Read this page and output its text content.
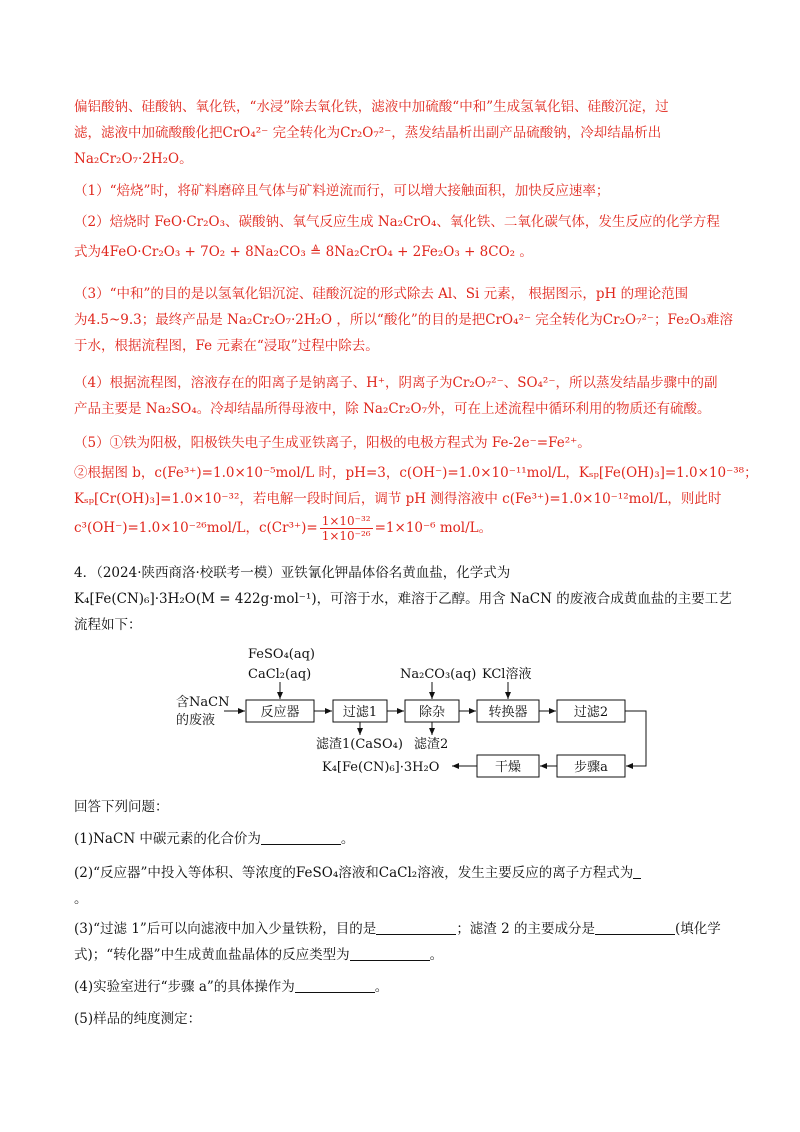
偏铝酸钠、硅酸钠、氧化铁，“水浸”除去氧化铁，滤液中加硫酸“中和”生成氢氧化铝、硅酸沉淀，过
滤，滤液中加硫酸酸化把CrO₄²⁻ 完全转化为Cr₂O₇²⁻，蒸发结晶析出副产品硫酸钠，冷却结晶析出
Na₂Cr₂O₇·2H₂O。
（1）“焙烧”时，将矿料磨碎且气体与矿料逆流而行，可以增大接触面积，加快反应速率；
（2）焙烧时 FeO·Cr₂O₃、碳酸钠、氧气反应生成 Na₂CrO₄、氧化铁、二氧化碳气体，发生反应的化学方程
式为4FeO·Cr₂O₃ + 7O₂ + 8Na₂CO₃ ≜ 8Na₂CrO₄ + 2Fe₂O₃ + 8CO₂ 。
（3）“中和”的目的是以氢氧化铝沉淀、硅酸沉淀的形式除去 Al、Si 元素， 根据图示，pH 的理论范围
为4.5~9.3；最终产品是 Na₂Cr₂O₇·2H₂O ，所以“酸化”的目的是把CrO₄²⁻ 完全转化为Cr₂O₇²⁻；Fe₂O₃难溶
于水，根据流程图，Fe 元素在“浸取”过程中除去。
（4）根据流程图，溶液存在的阳离子是钠离子、H⁺，阴离子为Cr₂O₇²⁻、SO₄²⁻，所以蒸发结晶步骤中的副
产品主要是 Na₂SO₄。冷却结晶所得母液中，除 Na₂Cr₂O₇外，可在上述流程中循环利用的物质还有硫酸。
（5）①铁为阳极，阳极铁失电子生成亚铁离子，阳极的电极方程式为 Fe-2e⁻=Fe²⁺。
②根据图 b，c(Fe³⁺)=1.0×10⁻⁵mol/L 时，pH=3，c(OH⁻)=1.0×10⁻¹¹mol/L，Kₛₚ[Fe(OH)₃]=1.0×10⁻³⁸；
Kₛₚ[Cr(OH)₃]=1.0×10⁻³²，若电解一段时间后，调节 pH 测得溶液中 c(Fe³⁺)=1.0×10⁻¹²mol/L，则此时
c³(OH⁻)=1.0×10⁻²⁶mol/L，$c(Cr^{3+})= \frac{\text{1×10⁻³²}}{\text{1×10⁻²⁶}} =1\times 10^{-6}$ mol/L。
4．（2024·陕西商洛·校联考一模）亚铁氰化钾晶体俗名黄血盐，化学式为
K₄[Fe(CN)₆]·3H₂O(M = 422g·mol⁻¹)，可溶于水，难溶于乙醇。用含 NaCN 的废液合成黄血盐的主要工艺
流程如下：
FeSO₄(aq)
CaCl₂(aq)	Na₂CO₃(aq) KCl溶液
含NaCN
的废液
反应器	过滤1	除杂	转换器	过滤2
步骤a
干燥
滤渣1(CaSO₄) 滤渣2
K₄[Fe(CN)₆]·3H₂O
回答下列问题：
(1)NaCN 中碳元素的化合价为	。
(2)“反应器”中投入等体积、等浓度的FeSO₄溶液和CaCl₂溶液，发生主要反应的离子方程式为
。
(3)“过滤 1”后可以向滤液中加入少量铁粉，目的是	；滤渣 2 的主要成分是	(填化学
式)；“转化器”中生成黄血盐晶体的反应类型为	。
(4)实验室进行“步骤 a”的具体操作为	。
(5)样品的纯度测定：
